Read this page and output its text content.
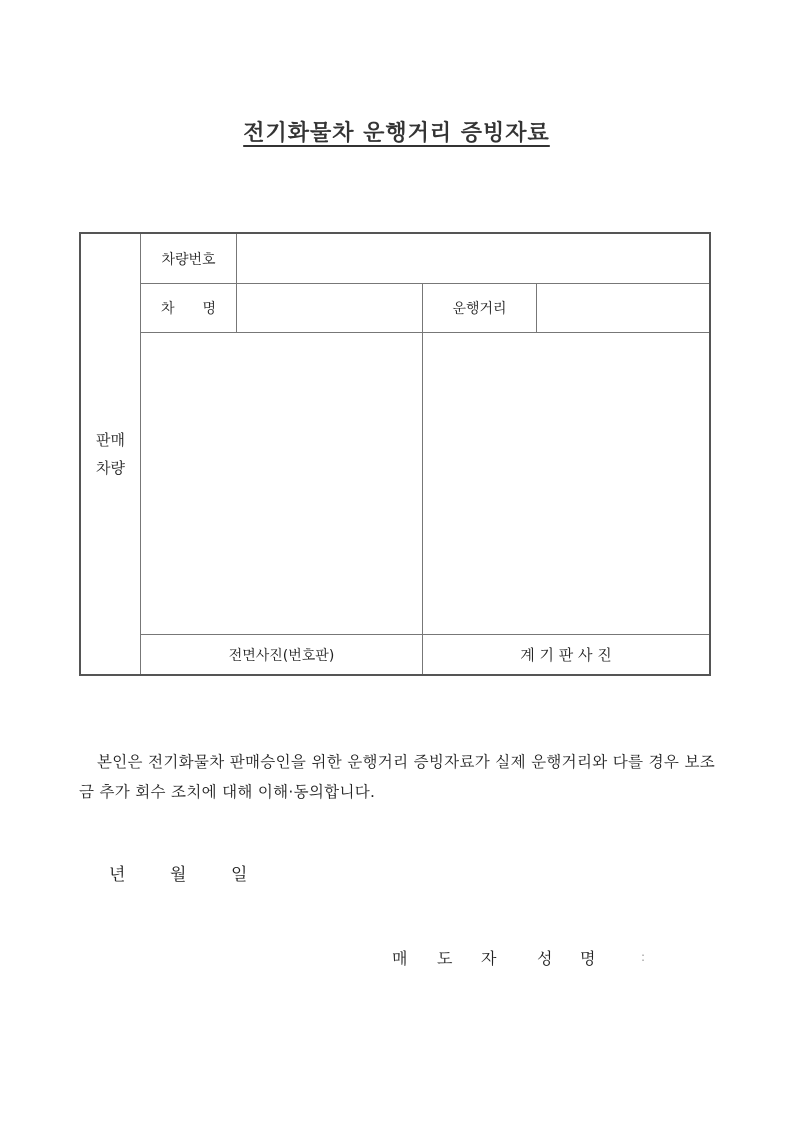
전기화물차 운행거리 증빙자료
판매
차량
차량번호
차　　명	운행거리
전면사진(번호판)	계 기 판 사 진
본인은 전기화물차 판매승인을 위한 운행거리 증빙자료가 실제 운행거리와 다를 경우 보조금 추가 회수 조치에 대해 이해·동의합니다.
년	월	일
매 도 자	성 명	:
